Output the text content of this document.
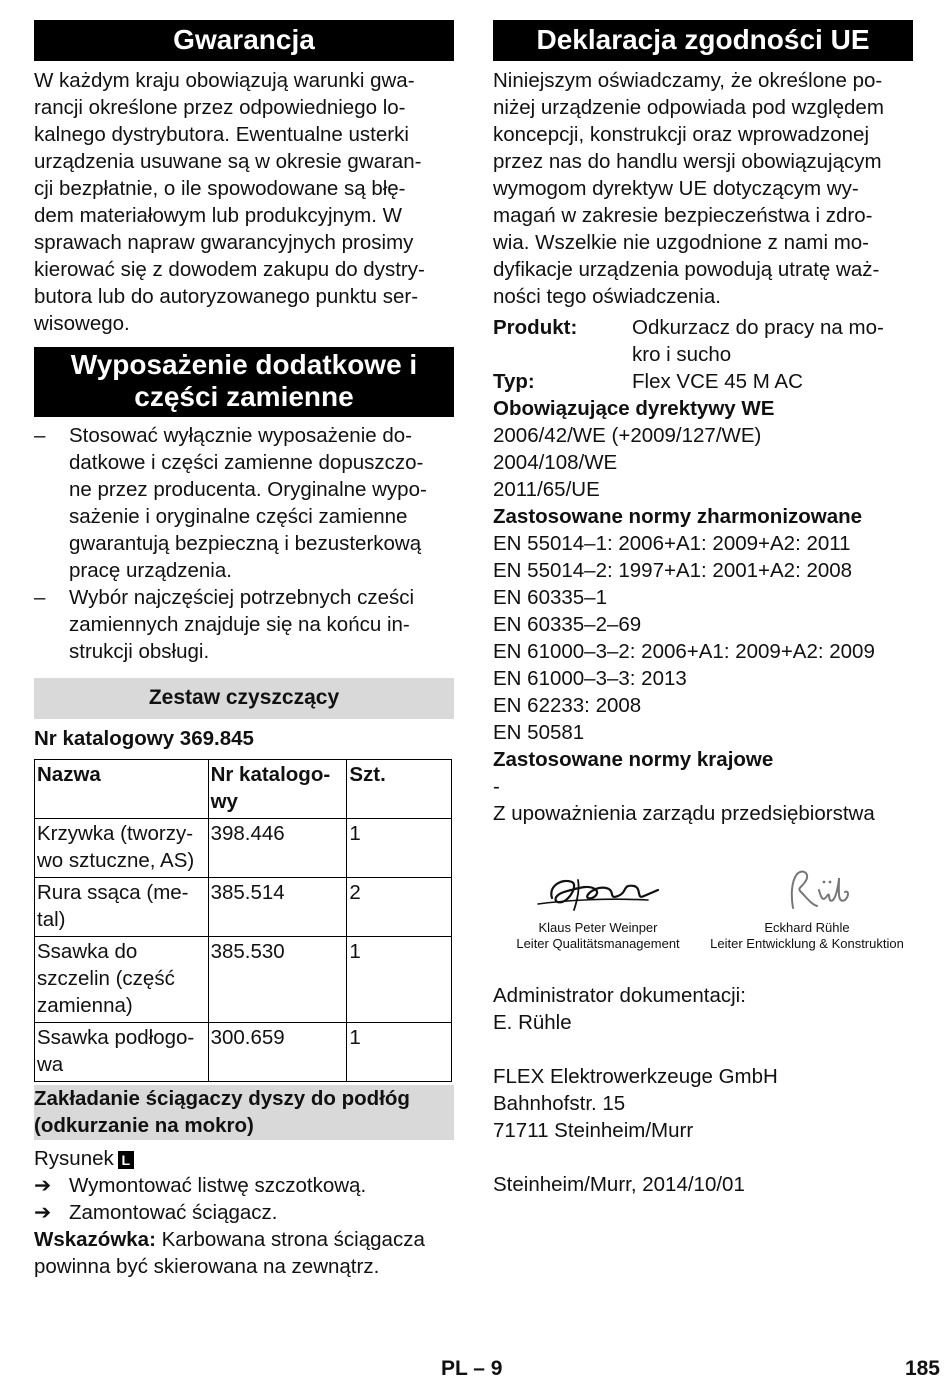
Gwarancja

W każdym kraju obowiązują warunki gwa-

rancji określone przez odpowiedniego lo-

kalnego dystrybutora. Ewentualne usterki

urządzenia usuwane są w okresie gwaran-

cji bezpłatnie, o ile spowodowane są błę-

dem materiałowym lub produkcyjnym. W

sprawach napraw gwarancyjnych prosimy

kierować się z dowodem zakupu do dystry-

butora lub do autoryzowanego punktu ser-

wisowego.

Wyposażenie dodatkowe i
części zamienne
– Stosować wyłącznie wyposażenie do-
datkowe i części zamienne dopuszczo-
ne przez producenta. Oryginalne wypo-
sażenie i oryginalne części zamienne
gwarantują bezpieczną i bezusterkową
pracę urządzenia.
– Wybór najczęściej potrzebnych cześci
zamiennych znajduje się na końcu in-
strukcji obsługi.
Zestaw czyszczący

Nr katalogowy 369.845

Nazwa	Nr katalogo-
wy	Szt.

Krzywka (tworzy-
wo sztuczne, AS)	398.446	1

Rura ssąca (me-
tal)	385.514	2

Ssawka do
szczelin (część
zamienna)	385.530	1

Ssawka podłogo-
wa	300.659	1
Zakładanie ściągaczy dyszy do podłóg
(odkurzanie na mokro)

Rysunek L

➔ Wymontować listwę szczotkową.
➔ Zamontować ściągacz.

Wskazówka: Karbowana strona ściągacza

powinna być skierowana na zewnątrz.

Deklaracja zgodności UE

Niniejszym oświadczamy, że określone po-

niżej urządzenie odpowiada pod względem

koncepcji, konstrukcji oraz wprowadzonej

przez nas do handlu wersji obowiązującym

wymogom dyrektyw UE dotyczącym wy-

magań w zakresie bezpieczeństwa i zdro-

wia. Wszelkie nie uzgodnione z nami mo-

dyfikacje urządzenia powodują utratę waż-

ności tego oświadczenia.

Produkt:	Odkurzacz do pracy na mo-
kro i sucho
Typ:	Flex VCE 45 M AC

Obowiązujące dyrektywy WE

2006/42/WE (+2009/127/WE)

2004/108/WE

2011/65/UE

Zastosowane normy zharmonizowane

EN 55014–1: 2006+A1: 2009+A2: 2011

EN 55014–2: 1997+A1: 2001+A2: 2008

EN 60335–1

EN 60335–2–69

EN 61000–3–2: 2006+A1: 2009+A2: 2009

EN 61000–3–3: 2013

EN 62233: 2008

EN 50581

Zastosowane normy krajowe

-

Z upoważnienia zarządu przedsiębiorstwa

Klaus Peter Weinper
Leiter Qualitätsmanagement
Eckhard Rühle
Leiter Entwicklung & Konstruktion

Administrator dokumentacji:

E. Rühle

FLEX Elektrowerkzeuge GmbH

Bahnhofstr. 15

71711 Steinheim/Murr

Steinheim/Murr, 2014/10/01

PL – 9	185
